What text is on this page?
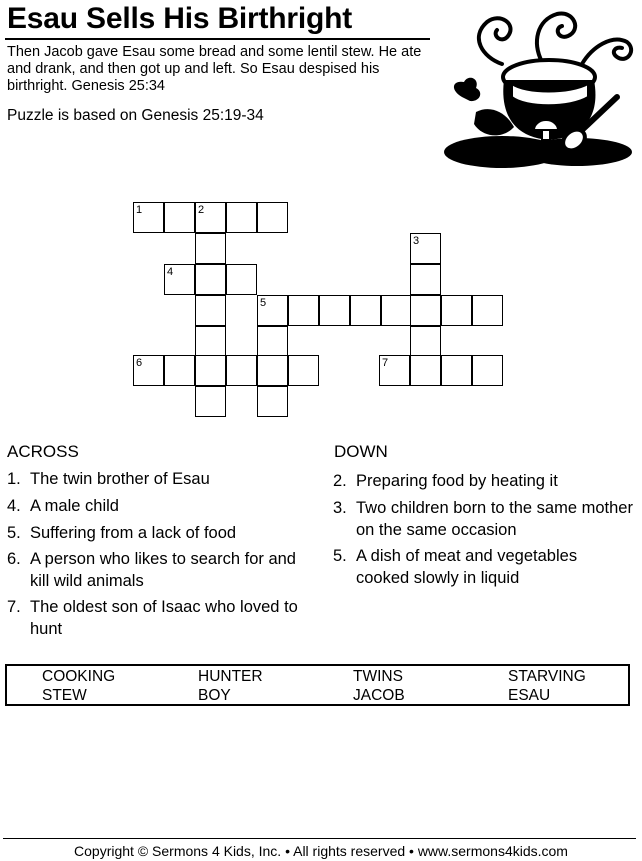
Esau Sells His Birthright
Then Jacob gave Esau some bread and some lentil stew. He ate and drank, and then got up and left. So Esau despised his birthright. Genesis 25:34
Puzzle is based on Genesis 25:19-34
1	2
3
4
5
6	7
ACROSS
1. The twin brother of Esau
4. A male child
5. Suffering from a lack of food
6. A person who likes to search for and kill wild animals
7. The oldest son of Isaac who loved to hunt
DOWN
2. Preparing food by heating it
3. Two children born to the same mother on the same occasion
5. A dish of meat and vegetables cooked slowly in liquid
COOKING	HUNTER	TWINS	STARVING
STEW	BOY	JACOB	ESAU
Copyright © Sermons 4 Kids, Inc. • All rights reserved • www.sermons4kids.com
